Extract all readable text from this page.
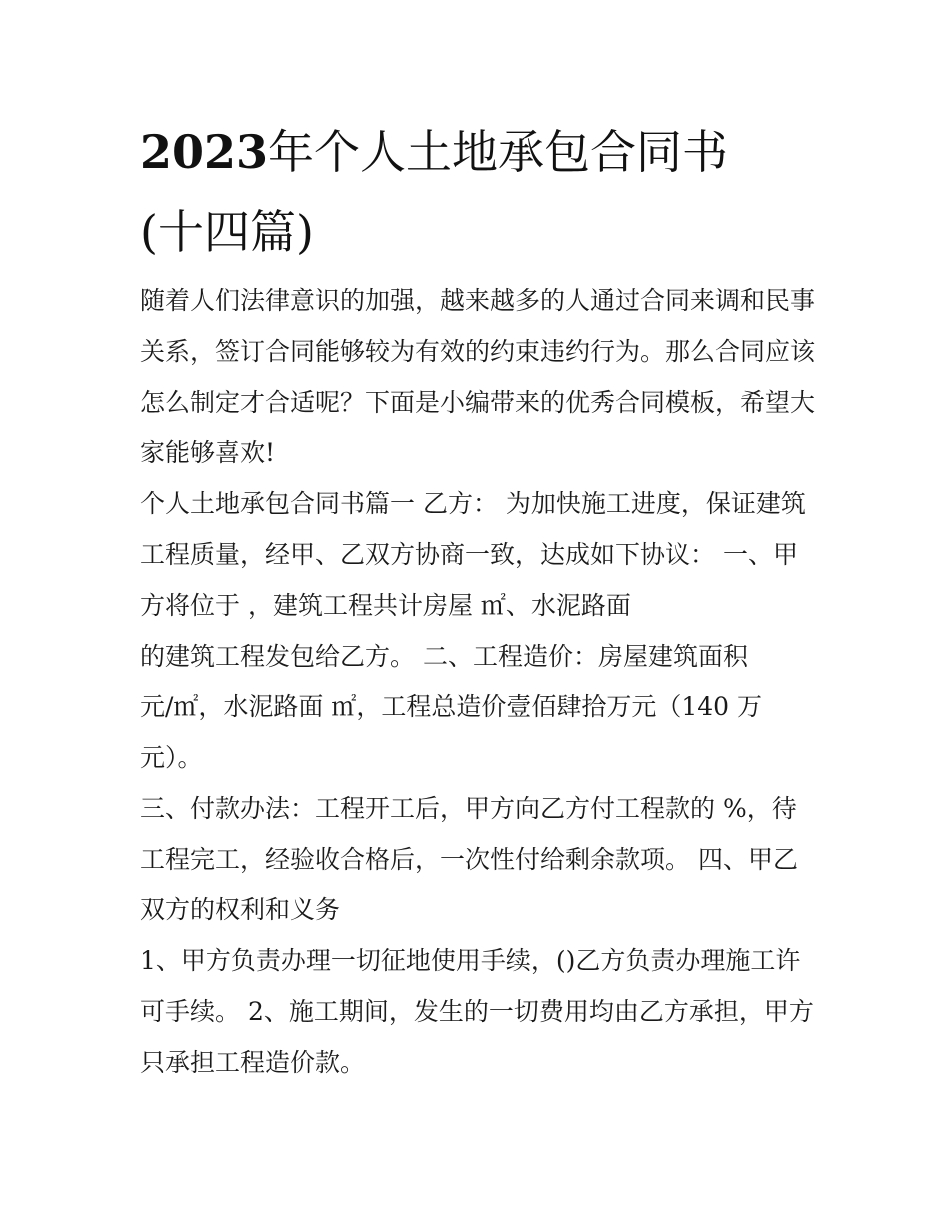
2023年个人土地承包合同书
(十四篇)

随着人们法律意识的加强，越来越多的人通过合同来调和民事

关系，签订合同能够较为有效的约束违约行为。那么合同应该

怎么制定才合适呢？下面是小编带来的优秀合同模板，希望大

家能够喜欢!

个人土地承包合同书篇一 乙方： 为加快施工进度，保证建筑

工程质量，经甲、乙双方协商一致，达成如下协议： 一、甲

方将位于 ，建筑工程共计房屋 ㎡、水泥路面

的建筑工程发包给乙方。 二、工程造价：房屋建筑面积

元/㎡，水泥路面 ㎡，工程总造价壹佰肆拾万元（140 万

元）。

三、付款办法：工程开工后，甲方向乙方付工程款的 %，待

工程完工，经验收合格后，一次性付给剩余款项。 四、甲乙

双方的权利和义务

1、甲方负责办理一切征地使用手续，()乙方负责办理施工许

可手续。 2、施工期间，发生的一切费用均由乙方承担，甲方

只承担工程造价款。
